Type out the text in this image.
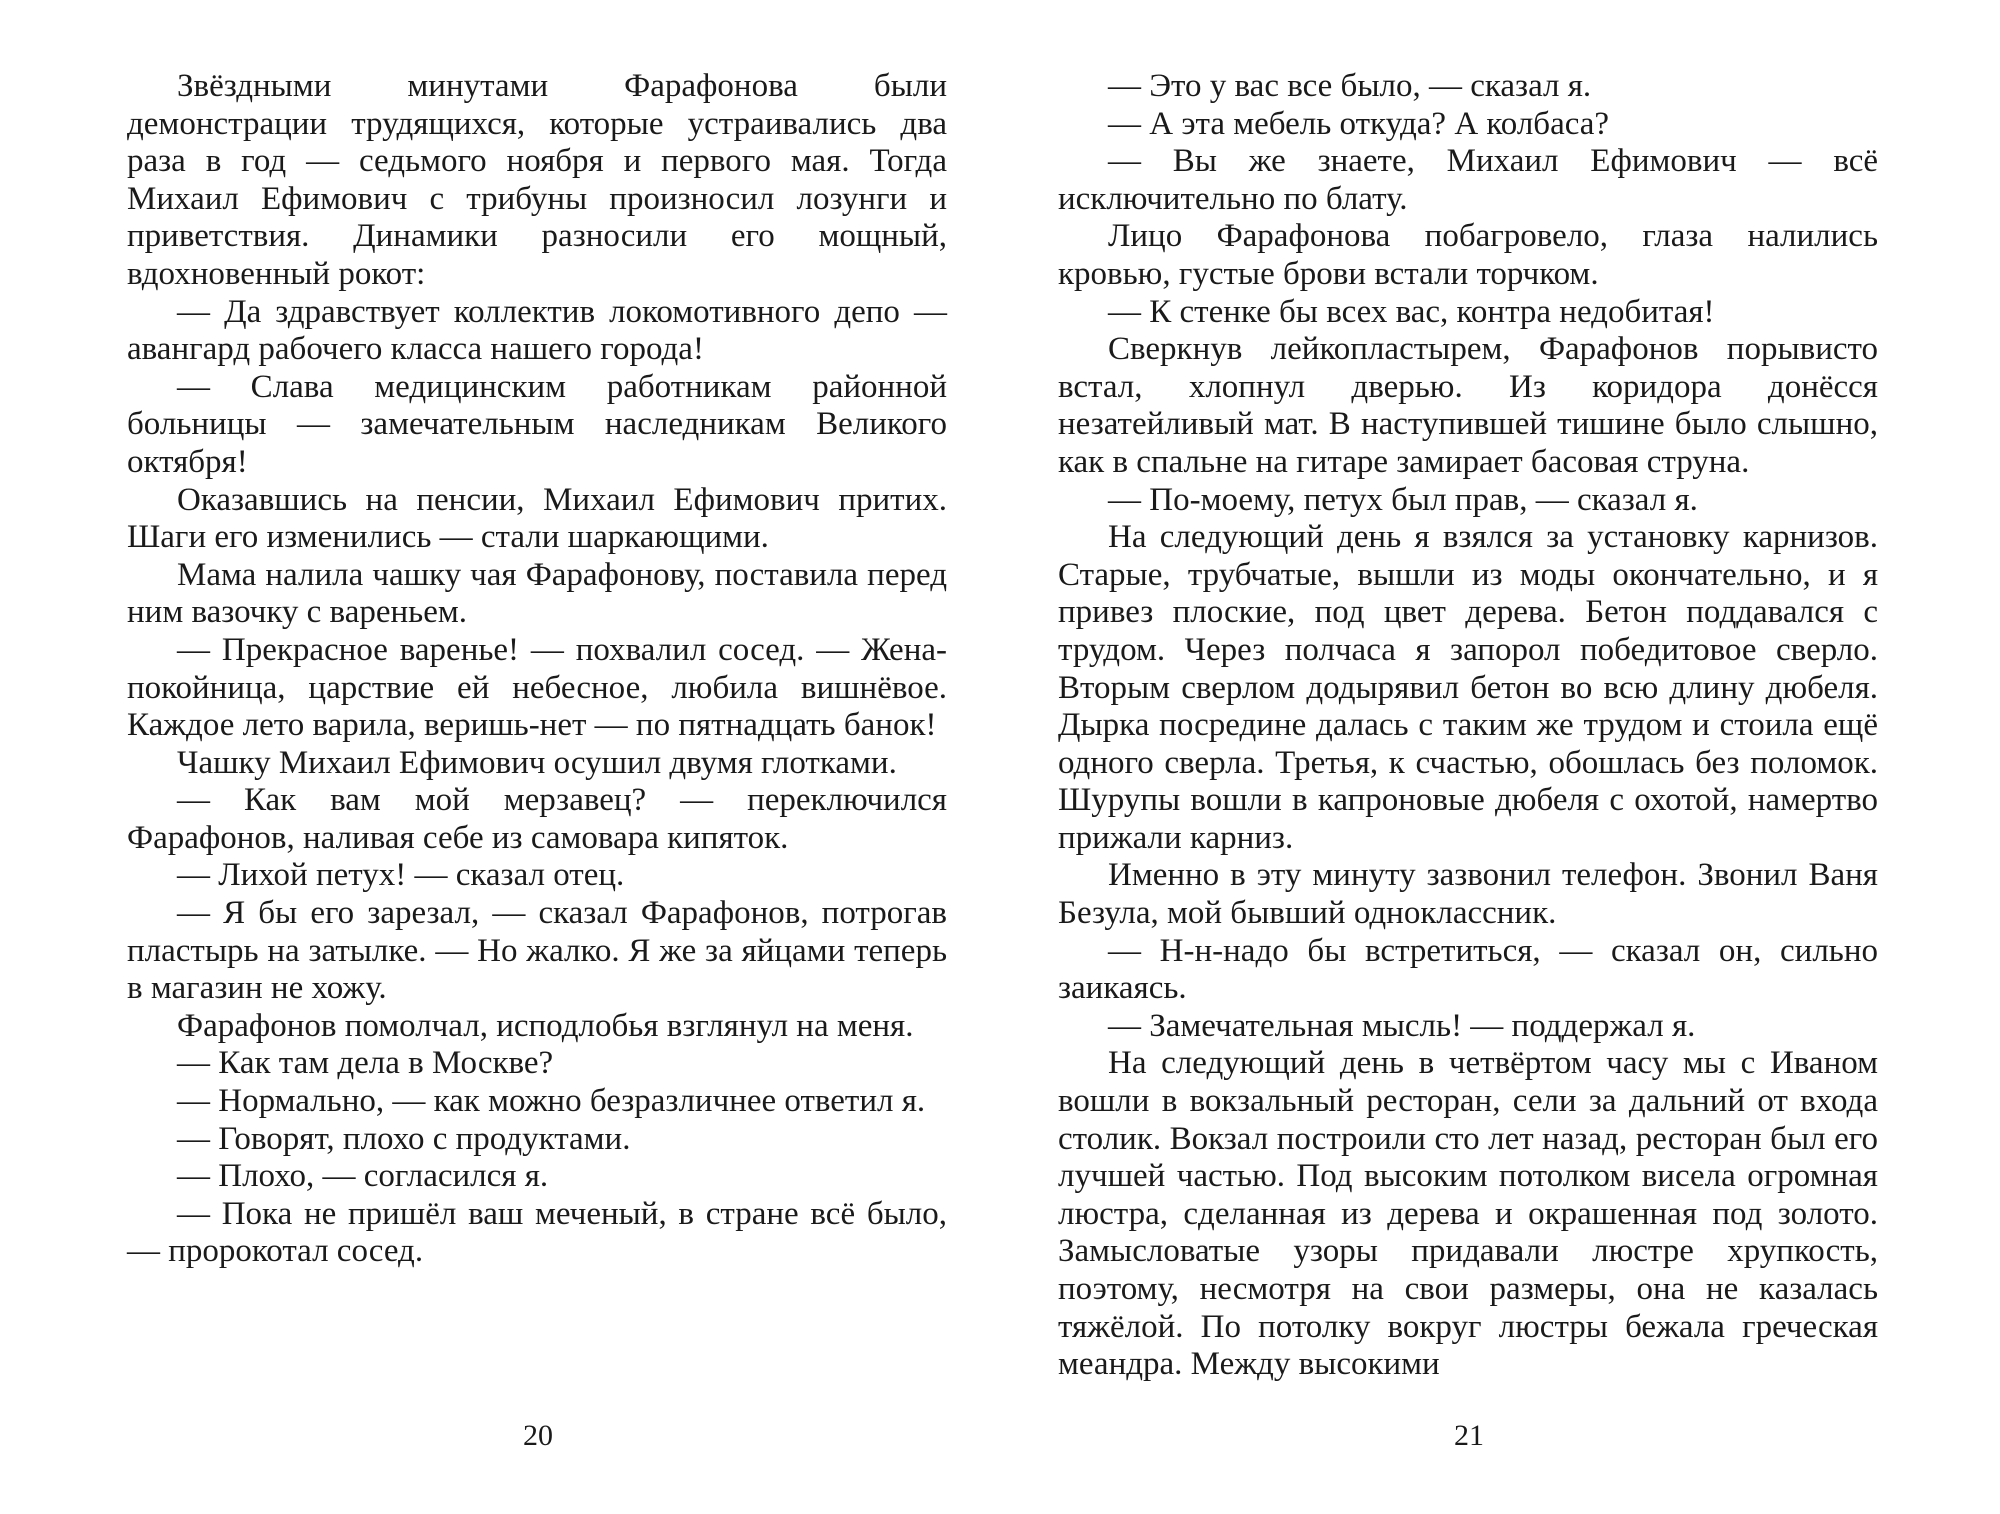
Звёздными минутами Фарафонова были демонстрации трудящихся, которые устраивались два раза в год — седьмого ноября и первого мая. Тогда Михаил Ефимович с трибуны произносил лозунги и приветствия. Динамики разносили его мощный, вдохновенный рокот:

— Да здравствует коллектив локомотивного депо — авангард рабочего класса нашего города!

— Слава медицинским работникам районной больницы — замечательным наследникам Великого октября!

Оказавшись на пенсии, Михаил Ефимович притих. Шаги его изменились — стали шаркающими.

Мама налила чашку чая Фарафонову, поставила перед ним вазочку с вареньем.

— Прекрасное варенье! — похвалил сосед. — Жена-покойница, царствие ей небесное, любила вишнёвое. Каждое лето варила, веришь-нет — по пятнадцать банок!

Чашку Михаил Ефимович осушил двумя глотками.

— Как вам мой мерзавец? — переключился Фарафонов, наливая себе из самовара кипяток.

— Лихой петух! — сказал отец.

— Я бы его зарезал, — сказал Фарафонов, потрогав пластырь на затылке. — Но жалко. Я же за яйцами теперь в магазин не хожу.

Фарафонов помолчал, исподлобья взглянул на меня.

— Как там дела в Москве?

— Нормально, — как можно безразличнее ответил я.

— Говорят, плохо с продуктами.

— Плохо, — согласился я.

— Пока не пришёл ваш меченый, в стране всё было, — пророкотал сосед.

— Это у вас все было, — сказал я.

— А эта мебель откуда? А колбаса?

— Вы же знаете, Михаил Ефимович — всё исключительно по блату.

Лицо Фарафонова побагровело, глаза налились кровью, густые брови встали торчком.

— К стенке бы всех вас, контра недобитая!

Сверкнув лейкопластырем, Фарафонов порывисто встал, хлопнул дверью. Из коридора донёсся незатейливый мат. В наступившей тишине было слышно, как в спальне на гитаре замирает басовая струна.

— По-моему, петух был прав, — сказал я.

На следующий день я взялся за установку карнизов. Старые, трубчатые, вышли из моды окончательно, и я привез плоские, под цвет дерева. Бетон поддавался с трудом. Через полчаса я запорол победитовое сверло. Вторым сверлом додырявил бетон во всю длину дюбеля. Дырка посредине далась с таким же трудом и стоила ещё одного сверла. Третья, к счастью, обошлась без поломок. Шурупы вошли в капроновые дюбеля с охотой, намертво прижали карниз.

Именно в эту минуту зазвонил телефон. Звонил Ваня Безула, мой бывший одноклассник.

— Н-н-надо бы встретиться, — сказал он, сильно заикаясь.

— Замечательная мысль! — поддержал я.

На следующий день в четвёртом часу мы с Иваном вошли в вокзальный ресторан, сели за дальний от входа столик. Вокзал построили сто лет назад, ресторан был его лучшей частью. Под высоким потолком висела огромная люстра, сделанная из дерева и окрашенная под золото. Замысловатые узоры придавали люстре хрупкость, поэтому, несмотря на свои размеры, она не казалась тяжёлой. По потолку вокруг люстры бежала греческая меандра. Между высокими

20	21
